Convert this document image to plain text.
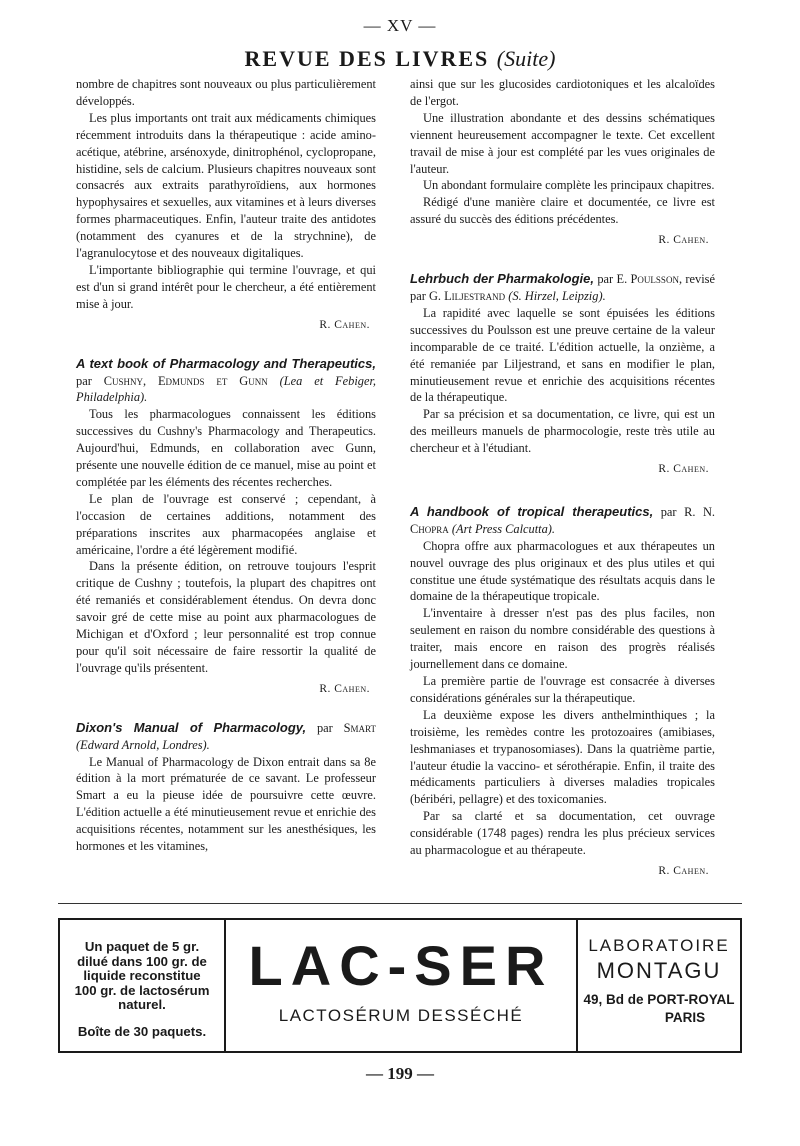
— XV —
REVUE DES LIVRES (Suite)

nombre de chapitres sont nouveaux ou plus particulièrement développés.

Les plus importants ont trait aux médicaments chimiques récemment introduits dans la thérapeutique : acide amino-acétique, atébrine, arsénoxyde, dinitrophénol, cyclopropane, histidine, sels de calcium. Plusieurs chapitres nouveaux sont consacrés aux extraits parathyroïdiens, aux hormones hypophysaires et sexuelles, aux vitamines et à leurs diverses formes pharmaceutiques. Enfin, l'auteur traite des antidotes (notamment des cyanures et de la strychnine), de l'agranulocytose et des nouveaux digitaliques.

L'importante bibliographie qui termine l'ouvrage, et qui est d'un si grand intérêt pour le chercheur, a été entièrement mise à jour.

R. Cahen.

A text book of Pharmacology and Therapeutics, par Cushny, Edmunds et Gunn (Lea et Febiger, Philadelphia).

Tous les pharmacologues connaissent les éditions successives du Cushny's Pharmacology and Therapeutics. Aujourd'hui, Edmunds, en collaboration avec Gunn, présente une nouvelle édition de ce manuel, mise au point et complétée par les éléments des récentes recherches.

Le plan de l'ouvrage est conservé ; cependant, à l'occasion de certaines additions, notamment des préparations inscrites aux pharmacopées anglaise et américaine, l'ordre a été légèrement modifié.

Dans la présente édition, on retrouve toujours l'esprit critique de Cushny ; toutefois, la plupart des chapitres ont été remaniés et considérablement étendus. On devra donc savoir gré de cette mise au point aux pharmacologues de Michigan et d'Oxford ; leur personnalité est trop connue pour qu'il soit nécessaire de faire ressortir la qualité de l'ouvrage qu'ils présentent.

R. Cahen.

Dixon's Manual of Pharmacology, par Smart (Edward Arnold, Londres).

Le Manual of Pharmacology de Dixon entrait dans sa 8e édition à la mort prématurée de ce savant. Le professeur Smart a eu la pieuse idée de poursuivre cette œuvre. L'édition actuelle a été minutieusement revue et enrichie des acquisitions récentes, notamment sur les anesthésiques, les hormones et les vitamines,

ainsi que sur les glucosides cardiotoniques et les alcaloïdes de l'ergot.

Une illustration abondante et des dessins schématiques viennent heureusement accompagner le texte. Cet excellent travail de mise à jour est complété par les vues originales de l'auteur.

Un abondant formulaire complète les principaux chapitres.

Rédigé d'une manière claire et documentée, ce livre est assuré du succès des éditions précédentes.

R. Cahen.

Lehrbuch der Pharmakologie, par E. Poulsson, revisé par G. Liljestrand (S. Hirzel, Leipzig).

La rapidité avec laquelle se sont épuisées les éditions successives du Poulsson est une preuve certaine de la valeur incomparable de ce traité. L'édition actuelle, la onzième, a été remaniée par Liljestrand, et sans en modifier le plan, minutieusement revue et enrichie des acquisitions récentes de la thérapeutique.

Par sa précision et sa documentation, ce livre, qui est un des meilleurs manuels de pharmocologie, reste très utile au chercheur et à l'étudiant.

R. Cahen.

A handbook of tropical therapeutics, par R. N. Chopra (Art Press Calcutta).

Chopra offre aux pharmacologues et aux thérapeutes un nouvel ouvrage des plus originaux et des plus utiles et qui constitue une étude systématique des résultats acquis dans le domaine de la thérapeutique tropicale.

L'inventaire à dresser n'est pas des plus faciles, non seulement en raison du nombre considérable des questions à traiter, mais encore en raison des progrès réalisés journellement dans ce domaine.

La première partie de l'ouvrage est consacrée à diverses considérations générales sur la thérapeutique.

La deuxième expose les divers anthelminthiques ; la troisième, les remèdes contre les protozoaires (amibiases, leshmaniases et trypanosomiases). Dans la quatrième partie, l'auteur étudie la vaccino- et sérothérapie. Enfin, il traite des médicaments particuliers à diverses maladies tropicales (béribéri, pellagre) et des toxicomanies.

Par sa clarté et sa documentation, cet ouvrage considérable (1748 pages) rendra les plus précieux services au pharmacologue et au thérapeute.

R. Cahen.
Un paquet de 5 gr.
dilué dans 100 gr. de
liquide reconstitue
100 gr. de lactosérum
naturel.
Boîte de 30 paquets.
LAC-SER
LACTOSÉRUM DESSÉCHÉ
LABORATOIRE
MONTAGU
49, Bd de PORT-ROYAL
PARIS
— 199 —
